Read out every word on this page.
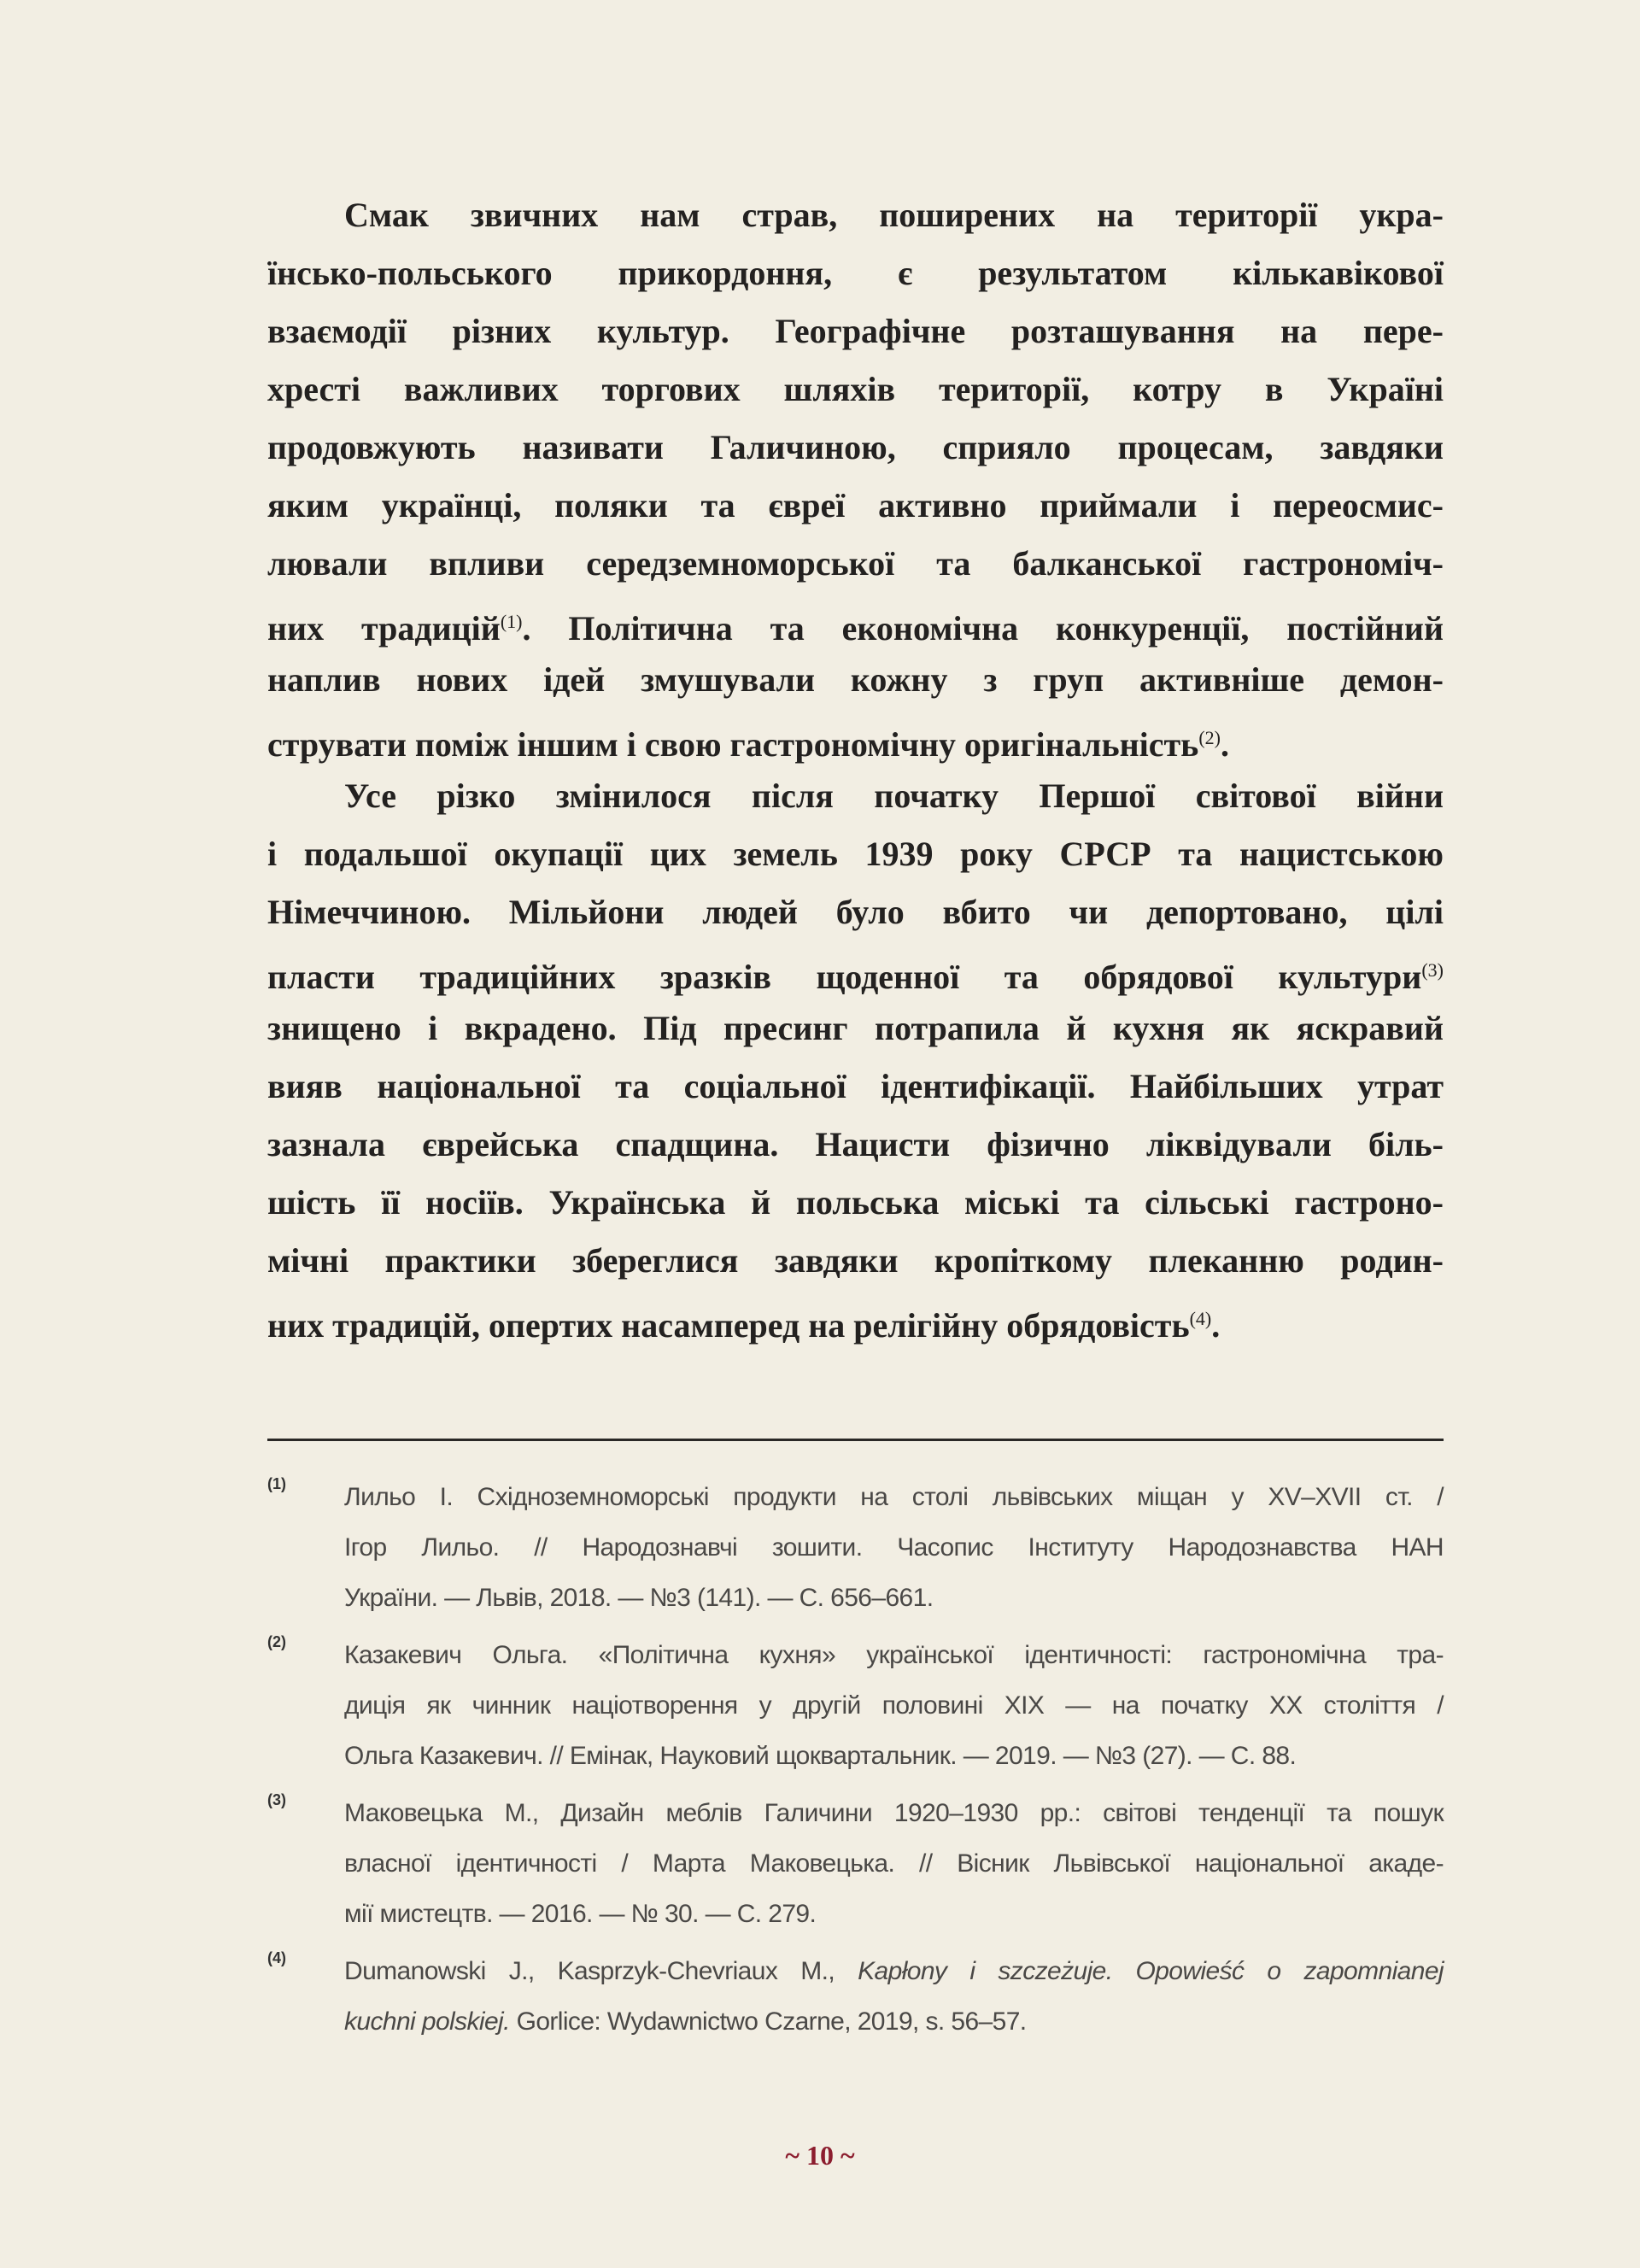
Смак звичних нам страв, поширених на території укра-
їнсько-польського прикордоння, є результатом кількавікової
взаємодії різних культур. Географічне розташування на пере-
хресті важливих торгових шляхів території, котру в Україні
продовжують називати Галичиною, сприяло процесам, завдяки
яким українці, поляки та євреї активно приймали і переосмис-
лювали впливи середземноморської та балканської гастрономіч-
них традицій$^{(1)}$. Політична та економічна конкуренції, постійний
наплив нових ідей змушували кожну з груп активніше демон-
струвати поміж іншим і свою гастрономічну оригінальність$^{(2)}$.
Усе різко змінилося після початку Першої світової війни
і подальшої окупації цих земель 1939 року СРСР та нацистською
Німеччиною. Мільйони людей було вбито чи депортовано, цілі
пласти традиційних зразків щоденної та обрядової культури$^{(3)}$
знищено і вкрадено. Під пресинг потрапила й кухня як яскравий
вияв національної та соціальної ідентифікації. Найбільших утрат
зазнала єврейська спадщина. Нацисти фізично ліквідували біль-
шість її носіїв. Українська й польська міські та сільські гастроно-
мічні практики збереглися завдяки кропіткому плеканню родин-
них традицій, опертих насамперед на релігійну обрядовість$^{(4)}$.
(1) Лильо І. Східноземноморські продукти на столі львівських міщан у XV–XVII ст. /
Ігор Лильо. // Народознавчі зошити. Часопис Інституту Народознавства НАН
України. — Львів, 2018. — №3 (141). — С. 656–661.
(2) Казакевич Ольга. «Політична кухня» української ідентичності: гастрономічна тра-
диція як чинник націотворення у другій половині XIX — на початку XX століття /
Ольга Казакевич. // Емінак, Науковий щоквартальник. — 2019. — №3 (27). — С. 88.
(3) Маковецька М., Дизайн меблів Галичини 1920–1930 рр.: світові тенденції та пошук
власної ідентичності / Марта Маковецька. // Вісник Львівської національної акаде-
мії мистецтв. — 2016. — № 30. — С. 279.
(4) Dumanowski J., Kasprzyk-Chevriaux M., Kapłony i szczeżuje. Opowieść o zapomnianej
kuchni polskiej. Gorlice: Wydawnictwo Czarne, 2019, s. 56–57.
~ 10 ~
